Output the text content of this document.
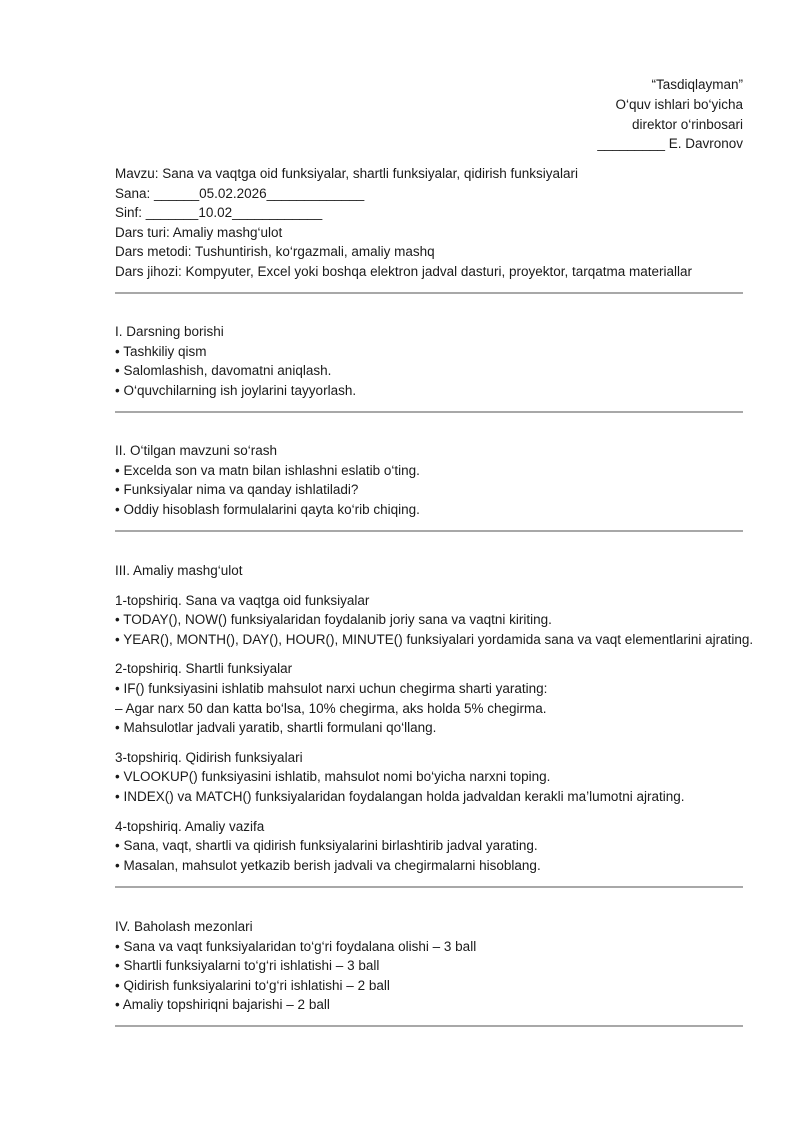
“Tasdiqlayman”
O‘quv ishlari bo‘yicha
direktor o‘rinbosari
_________ E. Davronov
Mavzu: Sana va vaqtga oid funksiyalar, shartli funksiyalar, qidirish funksiyalari
Sana: ______05.02.2026_____________
Sinf: _______10.02____________
Dars turi: Amaliy mashg‘ulot
Dars metodi: Tushuntirish, ko‘rgazmali, amaliy mashq
Dars jihozi: Kompyuter, Excel yoki boshqa elektron jadval dasturi, proyektor, tarqatma materiallar
I. Darsning borishi
• Tashkiliy qism
• Salomlashish, davomatni aniqlash.
• O‘quvchilarning ish joylarini tayyorlash.
II. O‘tilgan mavzuni so‘rash
• Excelda son va matn bilan ishlashni eslatib o‘ting.
• Funksiyalar nima va qanday ishlatiladi?
• Oddiy hisoblash formulalarini qayta ko‘rib chiqing.
III. Amaliy mashg‘ulot
1-topshiriq. Sana va vaqtga oid funksiyalar
• TODAY(), NOW() funksiyalaridan foydalanib joriy sana va vaqtni kiriting.
• YEAR(), MONTH(), DAY(), HOUR(), MINUTE() funksiyalari yordamida sana va vaqt elementlarini ajrating.
2-topshiriq. Shartli funksiyalar
• IF() funksiyasini ishlatib mahsulot narxi uchun chegirma sharti yarating:
– Agar narx 50 dan katta bo‘lsa, 10% chegirma, aks holda 5% chegirma.
• Mahsulotlar jadvali yaratib, shartli formulani qo‘llang.
3-topshiriq. Qidirish funksiyalari
• VLOOKUP() funksiyasini ishlatib, mahsulot nomi bo‘yicha narxni toping.
• INDEX() va MATCH() funksiyalaridan foydalangan holda jadvaldan kerakli ma’lumotni ajrating.
4-topshiriq. Amaliy vazifa
• Sana, vaqt, shartli va qidirish funksiyalarini birlashtirib jadval yarating.
• Masalan, mahsulot yetkazib berish jadvali va chegirmalarni hisoblang.
IV. Baholash mezonlari
• Sana va vaqt funksiyalaridan to‘g‘ri foydalana olishi – 3 ball
• Shartli funksiyalarni to‘g‘ri ishlatishi – 3 ball
• Qidirish funksiyalarini to‘g‘ri ishlatishi – 2 ball
• Amaliy topshiriqni bajarishi – 2 ball
